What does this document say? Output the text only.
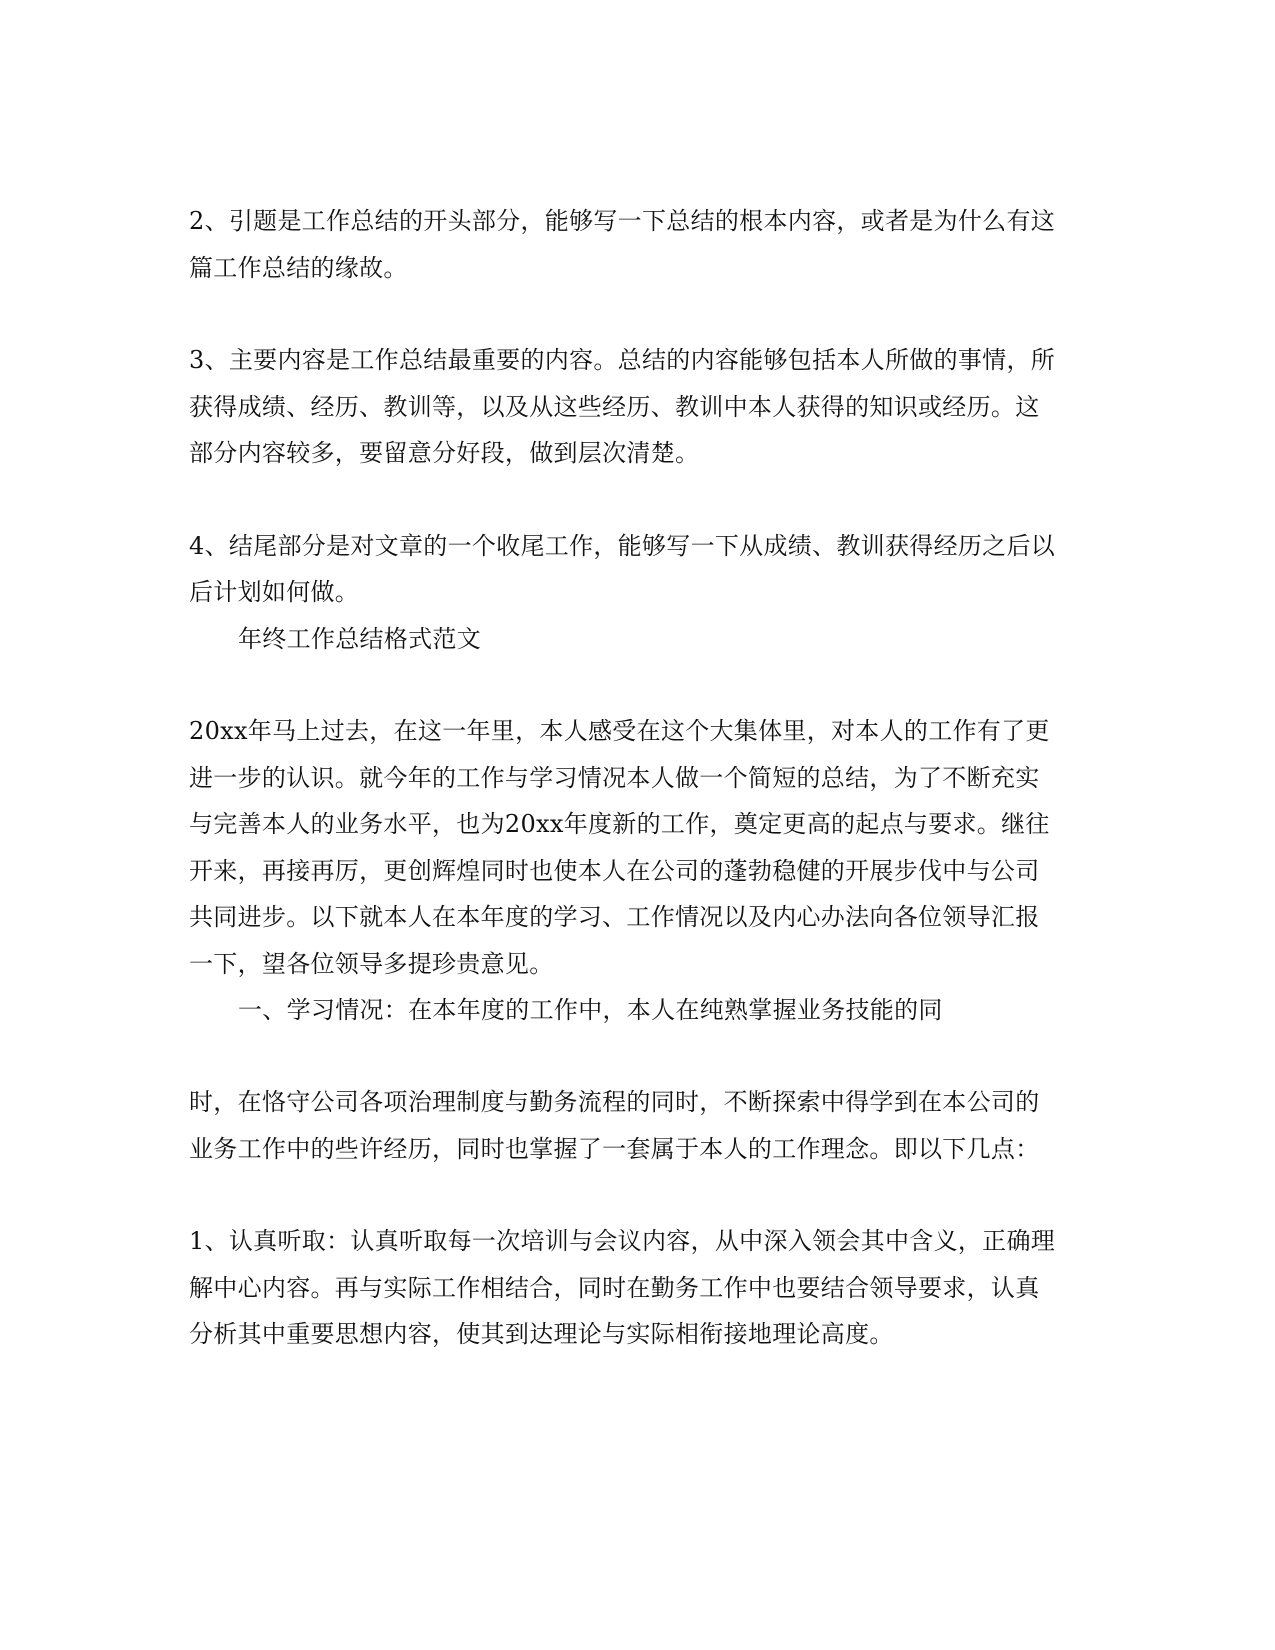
2、引题是工作总结的开头部分，能够写一下总结的根本内容，或者是为什么有这
篇工作总结的缘故。
3、主要内容是工作总结最重要的内容。总结的内容能够包括本人所做的事情，所
获得成绩、经历、教训等，以及从这些经历、教训中本人获得的知识或经历。这
部分内容较多，要留意分好段，做到层次清楚。
4、结尾部分是对文章的一个收尾工作，能够写一下从成绩、教训获得经历之后以
后计划如何做。
年终工作总结格式范文
20xx年马上过去，在这一年里，本人感受在这个大集体里，对本人的工作有了更
进一步的认识。就今年的工作与学习情况本人做一个简短的总结，为了不断充实
与完善本人的业务水平，也为20xx年度新的工作，奠定更高的起点与要求。继往
开来，再接再厉，更创辉煌同时也使本人在公司的蓬勃稳健的开展步伐中与公司
共同进步。以下就本人在本年度的学习、工作情况以及内心办法向各位领导汇报
一下，望各位领导多提珍贵意见。
一、学习情况：在本年度的工作中，本人在纯熟掌握业务技能的同
时，在恪守公司各项治理制度与勤务流程的同时，不断探索中得学到在本公司的
业务工作中的些许经历，同时也掌握了一套属于本人的工作理念。即以下几点：
1、认真听取：认真听取每一次培训与会议内容，从中深入领会其中含义，正确理
解中心内容。再与实际工作相结合，同时在勤务工作中也要结合领导要求，认真
分析其中重要思想内容，使其到达理论与实际相衔接地理论高度。
